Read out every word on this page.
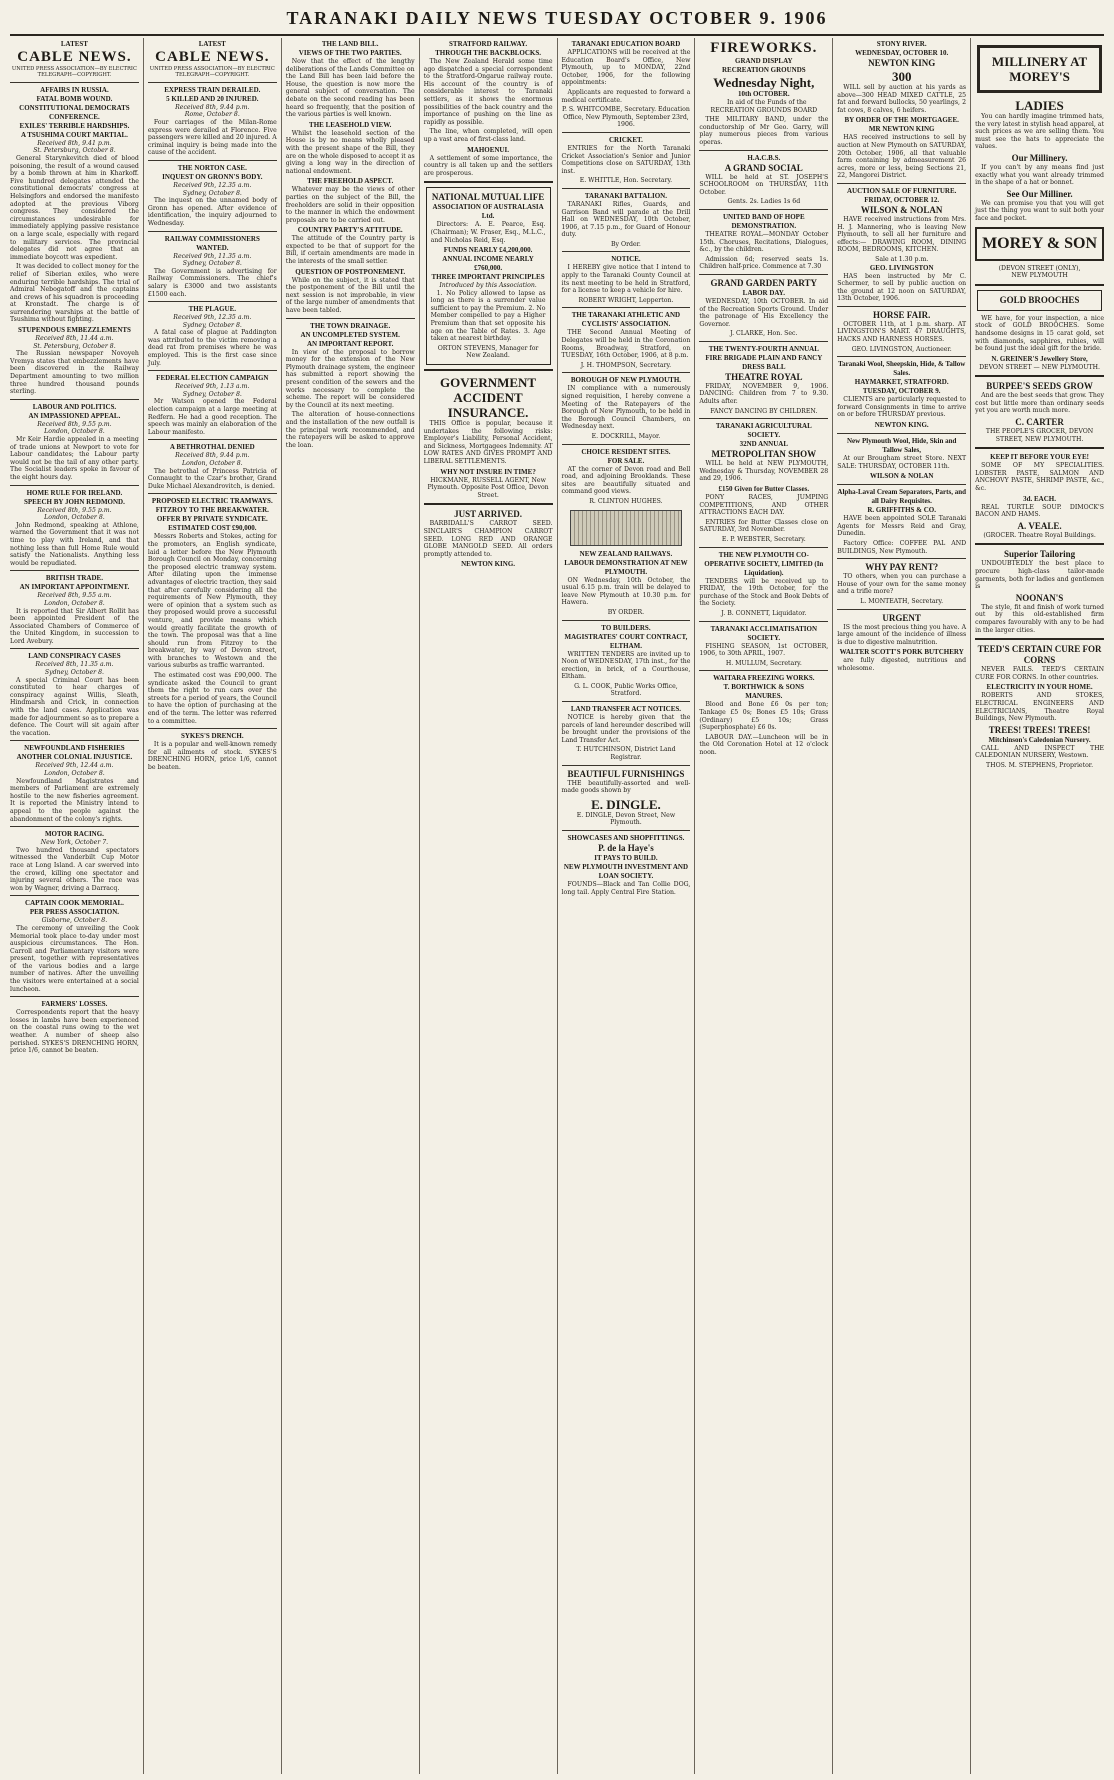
TARANAKI DAILY NEWS TUESDAY OCTOBER 9. 1906
LATEST
CABLE NEWS.
UNITED PRESS ASSOCIATION—BY ELECTRIC TELEGRAPH—COPYRIGHT.
AFFAIRS IN RUSSIA.
FATAL BOMB WOUND.
CONSTITUTIONAL DEMOCRATS CONFERENCE.
EXILES' TERRIBLE HARDSHIPS.
A TSUSHIMA COURT MARTIAL.
Received 8th, 9.41 p.m.
St. Petersburg, October 8.

General Starynkevitch died of blood poisoning, the result of a wound caused by a bomb thrown at him in Kharkoff. Five hundred delegates attended the constitutional democrats' congress at Helsingfors and endorsed the manifesto adopted at the previous Viborg congress. They considered the circumstances undesirable for immediately applying passive resistance on a large scale, especially with regard to military services. The provincial delegates did not agree that an immediate boycott was expedient.

It was decided to collect money for the relief of Siberian exiles, who were enduring terrible hardships. The trial of Admiral Nebogatoff and the captains and crews of his squadron is proceeding at Kronstadt. The charge is of surrendering warships at the battle of Tsushima without fighting.

STUPENDOUS EMBEZZLEMENTS
Received 8th, 11.44 a.m.
St. Petersburg, October 8.

The Russian newspaper Novoyeh Vremya states that embezzlements have been discovered in the Railway Department amounting to two million three hundred thousand pounds sterling.

LABOUR AND POLITICS.
AN IMPASSIONED APPEAL.
Received 8th, 9.55 p.m.
London, October 8.

Mr Keir Hardie appealed in a meeting of trade unions at Newport to vote for Labour candidates; the Labour party would not be the tail of any other party. The Socialist leaders spoke in favour of the eight hours day.

HOME RULE FOR IRELAND.
SPEECH BY JOHN REDMOND.
Received 8th, 9.55 p.m.
London, October 8.

John Redmond, speaking at Athlone, warned the Government that it was not time to play with Ireland, and that nothing less than full Home Rule would satisfy the Nationalists. Anything less would be repudiated.

BRITISH TRADE.
AN IMPORTANT APPOINTMENT.
Received 8th, 9.55 a.m.
London, October 8.

It is reported that Sir Albert Rollit has been appointed President of the Associated Chambers of Commerce of the United Kingdom, in succession to Lord Avebury.

LAND CONSPIRACY CASES
Received 8th, 11.35 a.m.
Sydney, October 8.

A special Criminal Court has been constituted to hear charges of conspiracy against Willis, Sleath, Hindmarsh and Crick, in connection with the land cases. Application was made for adjournment so as to prepare a defence. The Court will sit again after the vacation.

NEWFOUNDLAND FISHERIES
ANOTHER COLONIAL INJUSTICE.
Received 9th, 12.44 a.m.
London, October 8.

Newfoundland Magistrates and members of Parliament are extremely hostile to the new fisheries agreement. It is reported the Ministry intend to appeal to the people against the abandonment of the colony's rights.

MOTOR RACING.
New York, October 7.

Two hundred thousand spectators witnessed the Vanderbilt Cup Motor race at Long Island. A car swerved into the crowd, killing one spectator and injuring several others. The race was won by Wagner, driving a Darracq.

CAPTAIN COOK MEMORIAL.
PER PRESS ASSOCIATION.
Gisborne, October 8.

The ceremony of unveiling the Cook Memorial took place to-day under most auspicious circumstances. The Hon. Carroll and Parliamentary visitors were present, together with representatives of the various bodies and a large number of natives. After the unveiling the visitors were entertained at a social luncheon.

FARMERS' LOSSES.

Correspondents report that the heavy losses in lambs have been experienced on the coastal runs owing to the wet weather. A number of sheep also perished. SYKES'S DRENCHING HORN, price 1/6, cannot be beaten.

LATEST
CABLE NEWS.
UNITED PRESS ASSOCIATION—BY ELECTRIC TELEGRAPH—COPYRIGHT.
EXPRESS TRAIN DERAILED.
5 KILLED AND 20 INJURED.
Received 8th, 9.44 p.m.
Rome, October 8.

Four carriages of the Milan-Rome express were derailed at Florence. Five passengers were killed and 20 injured. A criminal inquiry is being made into the cause of the accident.

THE NORTON CASE.
INQUEST ON GRONN'S BODY.
Received 9th, 12.35 a.m.
Sydney, October 8.

The inquest on the unnamed body of Gronn has opened. After evidence of identification, the inquiry adjourned to Wednesday.

RAILWAY COMMISSIONERS WANTED.
Received 9th, 11.35 a.m.
Sydney, October 8.

The Government is advertising for Railway Commissioners. The chief's salary is £3000 and two assistants £1500 each.

THE PLAGUE.
Received 9th, 12.35 a.m.
Sydney, October 8.

A fatal case of plague at Paddington was attributed to the victim removing a dead rat from premises where he was employed. This is the first case since July.

FEDERAL ELECTION CAMPAIGN
Received 9th, 1.13 a.m.
Sydney, October 8.

Mr Watson opened the Federal election campaign at a large meeting at Redfern. He had a good reception. The speech was mainly an elaboration of the Labour manifesto.

A BETHROTHAL DENIED
Received 8th, 9.44 p.m.
London, October 8.

The betrothal of Princess Patricia of Connaught to the Czar's brother, Grand Duke Michael Alexandrovitch, is denied.

PROPOSED ELECTRIC TRAMWAYS.
FITZROY TO THE BREAKWATER.
OFFER BY PRIVATE SYNDICATE.
ESTIMATED COST £90,000.

Messrs Roberts and Stokes, acting for the promoters, an English syndicate, laid a letter before the New Plymouth Borough Council on Monday, concerning the proposed electric tramway system. After dilating upon the immense advantages of electric traction, they said that after carefully considering all the requirements of New Plymouth, they were of opinion that a system such as they proposed would prove a successful venture, and provide means which would greatly facilitate the growth of the town. The proposal was that a line should run from Fitzroy to the breakwater, by way of Devon street, with branches to Westown and the various suburbs as traffic warranted.

The estimated cost was £90,000. The syndicate asked the Council to grant them the right to run cars over the streets for a period of years, the Council to have the option of purchasing at the end of the term. The letter was referred to a committee.

SYKES'S DRENCH.

It is a popular and well-known remedy for all ailments of stock. SYKES'S DRENCHING HORN, price 1/6, cannot be beaten.

THE LAND BILL.
VIEWS OF THE TWO PARTIES.

Now that the effect of the lengthy deliberations of the Lands Committee on the Land Bill has been laid before the House, the question is now more the general subject of conversation. The debate on the second reading has been heard so frequently, that the position of the various parties is well known.

THE LEASEHOLD VIEW.

Whilst the leasehold section of the House is by no means wholly pleased with the present shape of the Bill, they are on the whole disposed to accept it as giving a long way in the direction of national endowment.

THE FREEHOLD ASPECT.

Whatever may be the views of other parties on the subject of the Bill, the freeholders are solid in their opposition to the manner in which the endowment proposals are to be carried out.

COUNTRY PARTY'S ATTITUDE.

The attitude of the Country party is expected to be that of support for the Bill, if certain amendments are made in the interests of the small settler.

QUESTION OF POSTPONEMENT.

While on the subject, it is stated that the postponement of the Bill until the next session is not improbable, in view of the large number of amendments that have been tabled.

THE TOWN DRAINAGE.
AN UNCOMPLETED SYSTEM.
AN IMPORTANT REPORT.

In view of the proposal to borrow money for the extension of the New Plymouth drainage system, the engineer has submitted a report showing the present condition of the sewers and the works necessary to complete the scheme. The report will be considered by the Council at its next meeting.

The alteration of house-connections and the installation of the new outfall is the principal work recommended, and the ratepayers will be asked to approve the loan.

STRATFORD RAILWAY.
THROUGH THE BACKBLOCKS.

The New Zealand Herald some time ago dispatched a special correspondent to the Stratford-Ongarue railway route. His account of the country is of considerable interest to Taranaki settlers, as it shows the enormous possibilities of the back country and the importance of pushing on the line as rapidly as possible.

The line, when completed, will open up a vast area of first-class land.

MAHOENUI.

A settlement of some importance, the country is all taken up and the settlers are prosperous.

NATIONAL MUTUAL LIFE
ASSOCIATION OF AUSTRALASIA Ltd.

Directors: A. E. Pearce, Esq. (Chairman); W. Fraser, Esq., M.L.C., and Nicholas Reid, Esq.

FUNDS NEARLY £4,200,000.
ANNUAL INCOME NEARLY £760,000.
THREE IMPORTANT PRINCIPLES
Introduced by this Association.

1. No Policy allowed to lapse as long as there is a surrender value sufficient to pay the Premium. 2. No Member compelled to pay a Higher Premium than that set opposite his age on the Table of Rates. 3. Age taken at nearest birthday.

ORTON STEVENS, Manager for New Zealand.
GOVERNMENT ACCIDENT INSURANCE.

THIS Office is popular, because it undertakes the following risks: Employer's Liability, Personal Accident, and Sickness, Mortgagees Indemnity. AT LOW RATES AND GIVES PROMPT AND LIBERAL SETTLEMENTS.

WHY NOT INSURE IN TIME?
HICKMANE, RUSSELL AGENT, New Plymouth. Opposite Post Office, Devon Street.
JUST ARRIVED.

BARBIDALL'S CARROT SEED. SINCLAIR'S CHAMPION CARROT SEED. LONG RED AND ORANGE GLOBE MANGOLD SEED. All orders promptly attended to.

NEWTON KING.
TARANAKI EDUCATION BOARD

APPLICATIONS will be received at the Education Board's Office, New Plymouth, up to MONDAY, 22nd October, 1906, for the following appointments:

Applicants are requested to forward a medical certificate.

P. S. WHITCOMBE, Secretary. Education Office, New Plymouth, September 23rd, 1906.
CRICKET.

ENTRIES for the North Taranaki Cricket Association's Senior and Junior Competitions close on SATURDAY, 13th inst.

E. WHITTLE, Hon. Secretary.
TARANAKI BATTALION.

TARANAKI Rifles, Guards, and Garrison Band will parade at the Drill Hall on WEDNESDAY, 10th October, 1906, at 7.15 p.m., for Guard of Honour duty.

By Order.
NOTICE.

I HEREBY give notice that I intend to apply to the Taranaki County Council at its next meeting to be held in Stratford, for a license to keep a vehicle for hire.

ROBERT WRIGHT, Lepperton.
THE TARANAKI ATHLETIC AND CYCLISTS' ASSOCIATION.

THE Second Annual Meeting of Delegates will be held in the Coronation Rooms, Broadway, Stratford, on TUESDAY, 16th October, 1906, at 8 p.m.

J. H. THOMPSON, Secretary.
BOROUGH OF NEW PLYMOUTH.

IN compliance with a numerously signed requisition, I hereby convene a Meeting of the Ratepayers of the Borough of New Plymouth, to be held in the Borough Council Chambers, on Wednesday next.

E. DOCKRILL, Mayor.
CHOICE RESIDENT SITES.
FOR SALE.

AT the corner of Devon road and Bell road, and adjoining Brooklands. These sites are beautifully situated and command good views.

R. CLINTON HUGHES.
NEW ZEALAND RAILWAYS.
LABOUR DEMONSTRATION AT NEW PLYMOUTH.

ON Wednesday, 10th October, the usual 6.15 p.m. train will be delayed to leave New Plymouth at 10.30 p.m. for Hawera.

BY ORDER.
TO BUILDERS.
MAGISTRATES' COURT CONTRACT, ELTHAM.

WRITTEN TENDERS are invited up to Noon of WEDNESDAY, 17th inst., for the erection, in brick, of a Courthouse, Eltham.

G. L. COOK, Public Works Office, Stratford.
LAND TRANSFER ACT NOTICES.

NOTICE is hereby given that the parcels of land hereunder described will be brought under the provisions of the Land Transfer Act.

T. HUTCHINSON, District Land Registrar.
BEAUTIFUL FURNISHINGS

THE beautifully-assorted and well-made goods shown by

E. DINGLE.
E. DINGLE, Devon Street, New Plymouth.
SHOWCASES AND SHOPFITTINGS.
P. de la Haye's
IT PAYS TO BUILD.
NEW PLYMOUTH INVESTMENT AND LOAN SOCIETY.

FOUNDS—Black and Tan Collie DOG, long tail. Apply Central Fire Station.

FIREWORKS.
GRAND DISPLAY
RECREATION GROUNDS
Wednesday Night,
10th OCTOBER.

In aid of the Funds of the RECREATION GROUNDS BOARD

THE MILITARY BAND, under the conductorship of Mr Geo. Garry, will play numerous pieces from various operas.

H.A.C.B.S.
A GRAND SOCIAL

WILL be held at ST. JOSEPH'S SCHOOLROOM on THURSDAY, 11th October.

Gents. 2s. Ladies 1s 6d
UNITED BAND OF HOPE DEMONSTRATION.

THEATRE ROYAL—MONDAY October 15th. Choruses, Recitations, Dialogues, &c., by the children.

Admission 6d; reserved seats 1s. Children half-price. Commence at 7.30

GRAND GARDEN PARTY
LABOR DAY.

WEDNESDAY, 10th OCTOBER. In aid of the Recreation Sports Ground. Under the patronage of His Excellency the Governor.

J. CLARKE, Hon. Sec.
THE TWENTY-FOURTH ANNUAL
FIRE BRIGADE PLAIN AND FANCY DRESS BALL
THEATRE ROYAL

FRIDAY, NOVEMBER 9, 1906. DANCING: Children from 7 to 9.30. Adults after.

FANCY DANCING BY CHILDREN.
TARANAKI AGRICULTURAL SOCIETY.
32ND ANNUAL
METROPOLITAN SHOW

WILL be held at NEW PLYMOUTH, Wednesday & Thursday, NOVEMBER 28 and 29, 1906.

£150 Given for Butter Classes.

PONY RACES, JUMPING COMPETITIONS, AND OTHER ATTRACTIONS EACH DAY.

ENTRIES for Butter Classes close on SATURDAY, 3rd November.

E. P. WEBSTER, Secretary.
THE NEW PLYMOUTH CO-OPERATIVE SOCIETY, LIMITED (In Liquidation).

TENDERS will be received up to FRIDAY, the 19th October, for the purchase of the Stock and Book Debts of the Society.

J. B. CONNETT, Liquidator.
TARANAKI ACCLIMATISATION SOCIETY.

FISHING SEASON, 1st OCTOBER, 1906, to 30th APRIL, 1907.

H. MULLUM, Secretary.
WAITARA FREEZING WORKS.
T. BORTHWICK & SONS
MANURES.

Blood and Bone £6 0s per ton; Tankage £5 0s; Bones £5 10s; Grass (Ordinary) £5 10s; Grass (Superphosphate) £6 0s.

LABOUR DAY.—Luncheon will be in the Old Coronation Hotel at 12 o'clock noon.

STONY RIVER.
WEDNESDAY, OCTOBER 10.
NEWTON KING
300

WILL sell by auction at his yards as above—300 HEAD MIXED CATTLE, 25 fat and forward bullocks, 50 yearlings, 2 fat cows, 8 calves, 6 heifers.

BY ORDER OF THE MORTGAGEE.
MR NEWTON KING

HAS received instructions to sell by auction at New Plymouth on SATURDAY, 20th October, 1906, all that valuable farm containing by admeasurement 26 acres, more or less, being Sections 21, 22, Mangorei District.

AUCTION SALE OF FURNITURE.
FRIDAY, OCTOBER 12.
WILSON & NOLAN

HAVE received instructions from Mrs. H. J. Mannering, who is leaving New Plymouth, to sell all her furniture and effects:— DRAWING ROOM, DINING ROOM, BEDROOMS, KITCHEN.

Sale at 1.30 p.m.
GEO. LIVINGSTON

HAS been instructed by Mr C. Schermer, to sell by public auction on the ground at 12 noon on SATURDAY, 13th October, 1906.

HORSE FAIR.

OCTOBER 11th, at 1 p.m. sharp. AT LIVINGSTON'S MART. 47 DRAUGHTS, HACKS AND HARNESS HORSES.

GEO. LIVINGSTON, Auctioneer.
Taranaki Wool, Sheepskin, Hide, & Tallow Sales.
HAYMARKET, STRATFORD.
TUESDAY, OCTOBER 9.

CLIENTS are particularly requested to forward Consignments in time to arrive on or before THURSDAY previous.

NEWTON KING.
New Plymouth Wool, Hide, Skin and Tallow Sales,

At our Brougham street Store. NEXT SALE: THURSDAY, OCTOBER 11th.

WILSON & NOLAN
Alpha-Laval Cream Separators, Parts, and all Dairy Requisites.
R. GRIFFITHS & CO.

HAVE been appointed SOLE Taranaki Agents for Messrs Reid and Gray, Dunedin.

Factory Office: COFFEE PAL AND BUILDINGS, New Plymouth.

WHY PAY RENT?

TO others, when you can purchase a House of your own for the same money and a trifle more?

L. MONTEATH, Secretary.
URGENT

IS the most precious thing you have. A large amount of the incidence of illness is due to digestive malnutrition.

WALTER SCOTT'S PORK BUTCHERY

are fully digested, nutritious and wholesome.

MILLINERY AT MOREY'S
LADIES

You can hardly imagine trimmed hats, the very latest in stylish head apparel, at such prices as we are selling them. You must see the hats to appreciate the values.

Our Millinery.

If you can't by any means find just exactly what you want already trimmed in the shape of a hat or bonnet.

See Our Milliner.

We can promise you that you will get just the thing you want to suit both your face and pocket.

MOREY & SON
(DEVON STREET (ONLY),
NEW PLYMOUTH
GOLD BROOCHES

WE have, for your inspection, a nice stock of GOLD BROOCHES. Some handsome designs in 15 carat gold, set with diamonds, sapphires, rubies, will be found just the ideal gift for the bride.

N. GREINER'S Jewellery Store,
DEVON STREET — NEW PLYMOUTH.
BURPEE'S SEEDS GROW

And are the best seeds that grow. They cost but little more than ordinary seeds yet you are worth much more.

C. CARTER
THE PEOPLE'S GROCER, DEVON STREET, NEW PLYMOUTH.
KEEP IT BEFORE YOUR EYE!

SOME OF MY SPECIALITIES. LOBSTER PASTE, SALMON AND ANCHOVY PASTE, SHRIMP PASTE, &c., &c.

3d. EACH.

REAL TURTLE SOUP. DIMOCK'S BACON AND HAMS.

A. VEALE.
(GROCER. Theatre Royal Buildings.
Superior Tailoring

UNDOUBTEDLY the best place to procure high-class tailor-made garments, both for ladies and gentlemen is

NOONAN'S

The style, fit and finish of work turned out by this old-established firm compares favourably with any to be had in the larger cities.

TEED'S CERTAIN CURE FOR CORNS

NEVER FAILS. TEED'S CERTAIN CURE FOR CORNS. In other countries.

ELECTRICITY IN YOUR HOME.

ROBERTS AND STOKES, ELECTRICAL ENGINEERS AND ELECTRICIANS, Theatre Royal Buildings, New Plymouth.

TREES! TREES! TREES!
Mitchinson's Caledonian Nursery.

CALL AND INSPECT THE CALEDONIAN NURSERY, Westown.

THOS. M. STEPHENS, Proprietor.
